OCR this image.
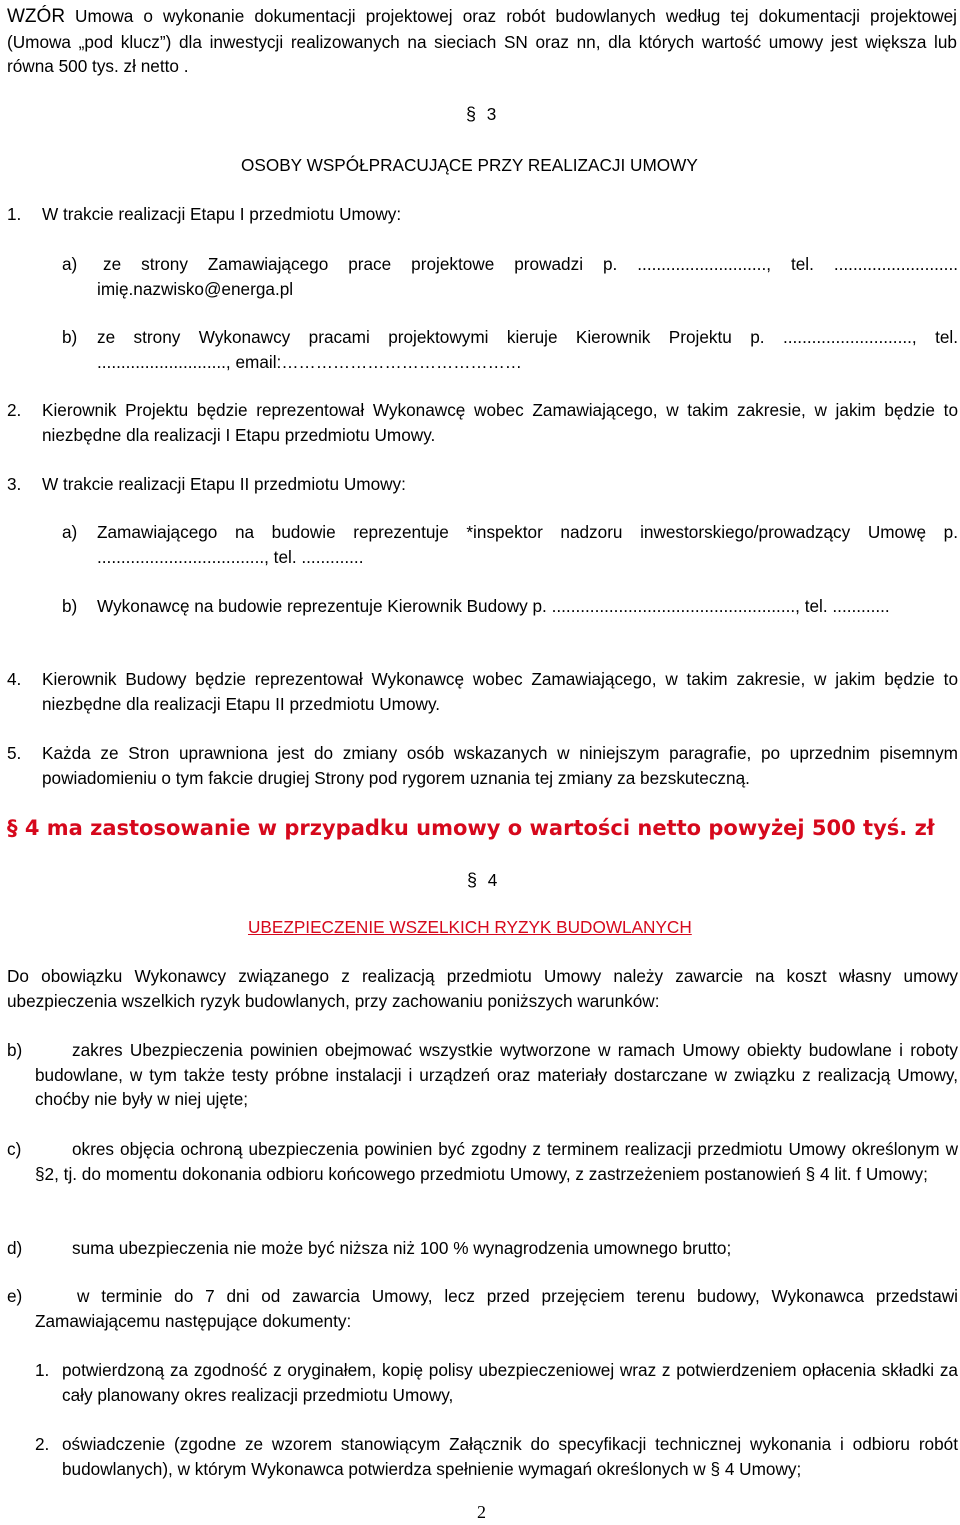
WZÓR Umowa o wykonanie dokumentacji projektowej oraz robót budowlanych według tej dokumentacji projektowej (Umowa „pod klucz”) dla inwestycji realizowanych na sieciach SN oraz nn, dla których wartość umowy jest większa lub równa 500 tys. zł netto .
§ 3
OSOBY WSPÓŁPRACUJĄCE PRZY REALIZACJI UMOWY
1. W trakcie realizacji Etapu I przedmiotu Umowy:
a)	ze strony Zamawiającego prace projektowe prowadzi p. ..........................., tel. .......................... imię.nazwisko@energa.pl
b) ze strony Wykonawcy pracami projektowymi kieruje Kierownik Projektu p. ..........................., tel. ..........................., email:……………………………………
2. Kierownik Projektu będzie reprezentował Wykonawcę wobec Zamawiającego, w takim zakresie, w jakim będzie to niezbędne dla realizacji I Etapu przedmiotu Umowy.
3. W trakcie realizacji Etapu II przedmiotu Umowy:
a) Zamawiającego na budowie reprezentuje *inspektor nadzoru inwestorskiego/prowadzący Umowę p. ..................................., tel. .............
b) Wykonawcę na budowie reprezentuje Kierownik Budowy p. ..................................................., tel. ............
4. Kierownik Budowy będzie reprezentował Wykonawcę wobec Zamawiającego, w takim zakresie, w jakim będzie to niezbędne dla realizacji Etapu II przedmiotu Umowy.
5. Każda ze Stron uprawniona jest do zmiany osób wskazanych w niniejszym paragrafie, po uprzednim pisemnym powiadomieniu o tym fakcie drugiej Strony pod rygorem uznania tej zmiany za bezskuteczną.
§ 4 ma zastosowanie w przypadku umowy o wartości netto powyżej 500 tyś. zł
§ 4
UBEZPIECZENIE WSZELKICH RYZYK BUDOWLANYCH
Do obowiązku Wykonawcy związanego z realizacją przedmiotu Umowy należy zawarcie na koszt własny umowy ubezpieczenia wszelkich ryzyk budowlanych, przy zachowaniu poniższych warunków:
b)	zakres Ubezpieczenia powinien obejmować wszystkie wytworzone w ramach Umowy obiekty budowlane i roboty budowlane, w tym także testy próbne instalacji i urządzeń oraz materiały dostarczane w związku z realizacją Umowy, choćby nie były w niej ujęte;
c)	okres objęcia ochroną ubezpieczenia powinien być zgodny z terminem realizacji przedmiotu Umowy określonym w §2, tj. do momentu dokonania odbioru końcowego przedmiotu Umowy, z zastrzeżeniem postanowień § 4 lit. f Umowy;
d)	suma ubezpieczenia nie może być niższa niż 100 % wynagrodzenia umownego brutto;
e)	w terminie do 7 dni od zawarcia Umowy, lecz przed przejęciem terenu budowy, Wykonawca przedstawi Zamawiającemu następujące dokumenty:
1. potwierdzoną za zgodność z oryginałem, kopię polisy ubezpieczeniowej wraz z potwierdzeniem opłacenia składki za cały planowany okres realizacji przedmiotu Umowy,
2. oświadczenie (zgodne ze wzorem stanowiącym Załącznik do specyfikacji technicznej wykonania i odbioru robót budowlanych), w którym Wykonawca potwierdza spełnienie wymagań określonych w § 4 Umowy;
2
